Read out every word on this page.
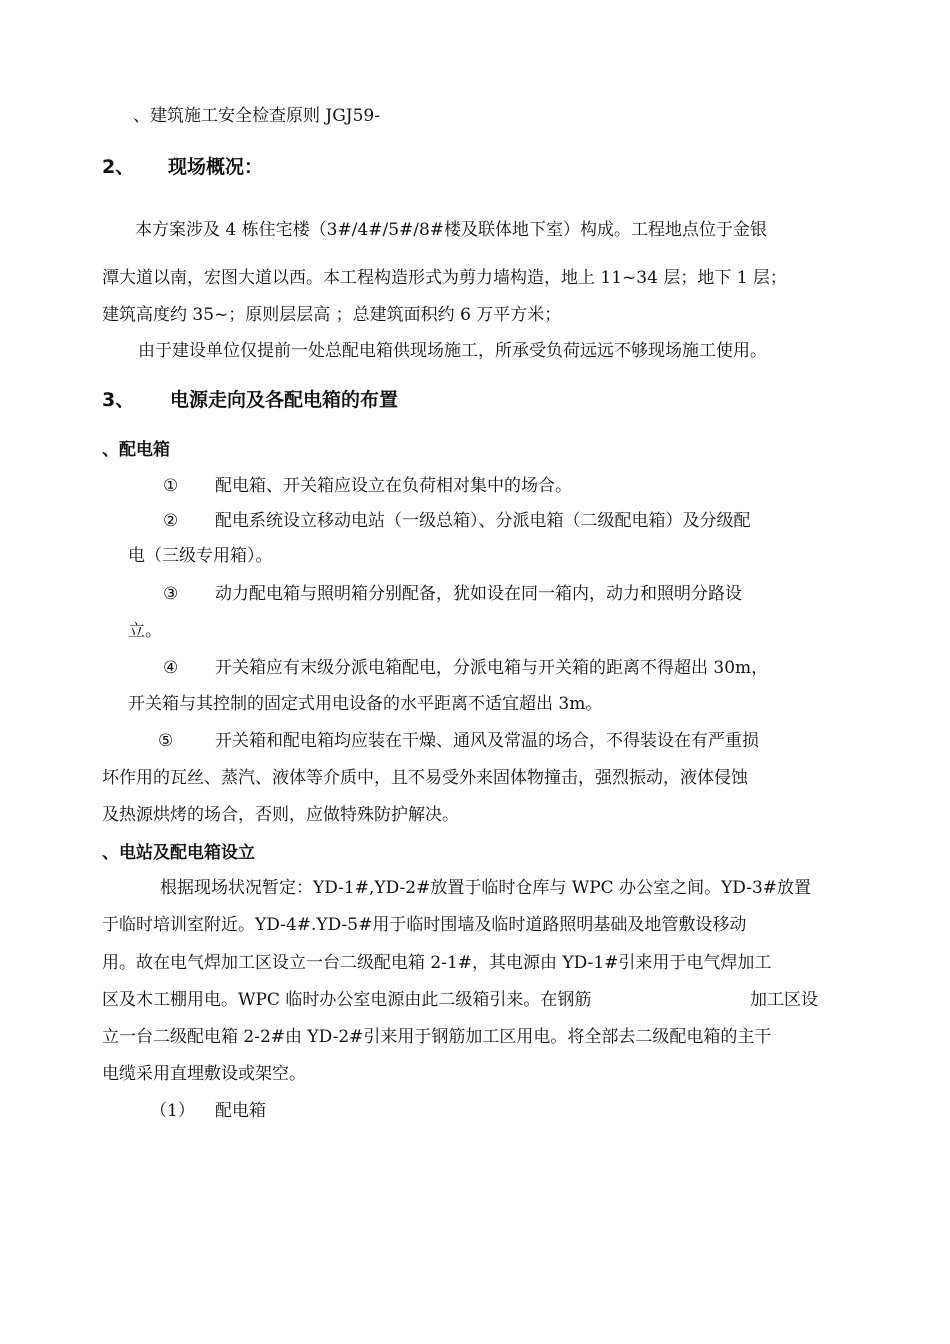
、建筑施工安全检查原则 JGJ59-

2、 现场概况：

本方案涉及 4 栋住宅楼（3#/4#/5#/8#楼及联体地下室）构成。工程地点位于金银

潭大道以南，宏图大道以西。本工程构造形式为剪力墙构造，地上 11~34 层；地下 1 层；

建筑高度约 35~；原则层层高 ；总建筑面积约 6 万平方米；

由于建设单位仅提前一处总配电箱供现场施工，所承受负荷远远不够现场施工使用。

3、 电源走向及各配电箱的布置

、配电箱

① 配电箱、开关箱应设立在负荷相对集中的场合。

② 配电系统设立移动电站（一级总箱）、分派电箱（二级配电箱）及分级配

电（三级专用箱）。

③ 动力配电箱与照明箱分别配备，犹如设在同一箱内，动力和照明分路设

立。

④ 开关箱应有末级分派电箱配电，分派电箱与开关箱的距离不得超出 30m，

开关箱与其控制的固定式用电设备的水平距离不适宜超出 3m。

⑤ 开关箱和配电箱均应装在干燥、通风及常温的场合，不得装设在有严重损

坏作用的瓦丝、蒸汽、液体等介质中，且不易受外来固体物撞击，强烈振动，液体侵蚀

及热源烘烤的场合，否则，应做特殊防护解决。

、电站及配电箱设立

根据现场状况暂定：YD-1#,YD-2#放置于临时仓库与 WPC 办公室之间。YD-3#放置

于临时培训室附近。YD-4#.YD-5#用于临时围墙及临时道路照明基础及地管敷设移动

用。故在电气焊加工区设立一台二级配电箱 2-1#，其电源由 YD-1#引来用于电气焊加工

区及木工棚用电。WPC 临时办公室电源由此二级箱引来。在钢筋	加工区设

立一台二级配电箱 2-2#由 YD-2#引来用于钢筋加工区用电。将全部去二级配电箱的主干

电缆采用直埋敷设或架空。

（1） 配电箱
